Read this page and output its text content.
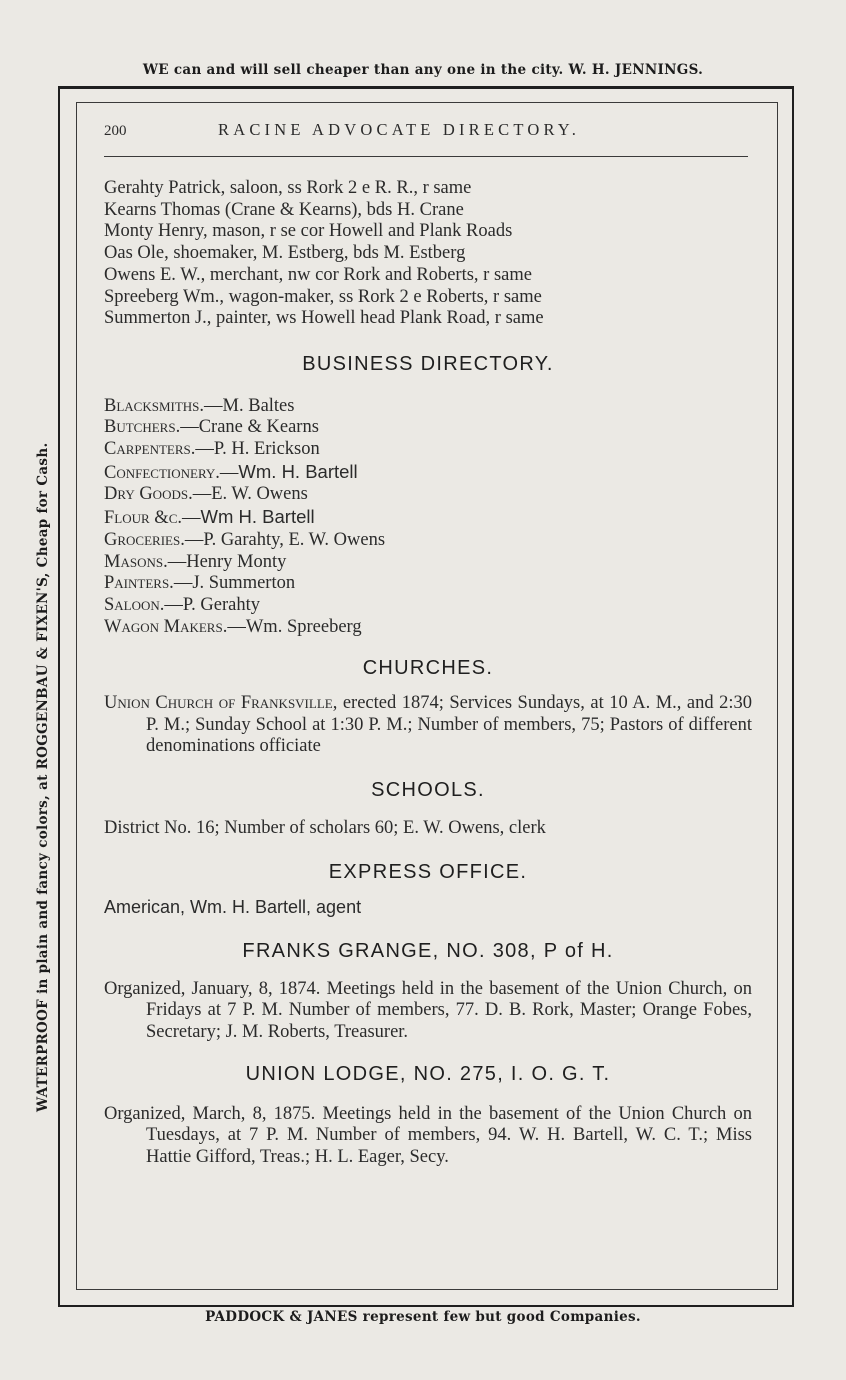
WE can and will sell cheaper than any one in the city. W. H. JENNINGS.
WATERPROOF in plain and fancy colors, at ROGGENBAU & FIXEN'S, Cheap for Cash.
200	RACINE ADVOCATE DIRECTORY.
Gerahty Patrick, saloon, ss Rork 2 e R. R., r same
Kearns Thomas (Crane & Kearns), bds H. Crane
Monty Henry, mason, r se cor Howell and Plank Roads
Oas Ole, shoemaker, M. Estberg, bds M. Estberg
Owens E. W., merchant, nw cor Rork and Roberts, r same
Spreeberg Wm., wagon-maker, ss Rork 2 e Roberts, r same
Summerton J., painter, ws Howell head Plank Road, r same
BUSINESS DIRECTORY.
Blacksmiths.—M. Baltes
Butchers.—Crane & Kearns
Carpenters.—P. H. Erickson
Confectionery.—Wm. H. Bartell
Dry Goods.—E. W. Owens
Flour &c.—Wm H. Bartell
Groceries.—P. Garahty, E. W. Owens
Masons.—Henry Monty
Painters.—J. Summerton
Saloon.—P. Gerahty
Wagon Makers.—Wm. Spreeberg
CHURCHES.
Union Church of Franksville, erected 1874; Services Sundays, at 10 A. M., and 2:30 P. M.; Sunday School at 1:30 P. M.; Number of members, 75; Pastors of different denominations officiate
SCHOOLS.
District No. 16; Number of scholars 60; E. W. Owens, clerk
EXPRESS OFFICE.
American, Wm. H. Bartell, agent
FRANKS GRANGE, NO. 308, P of H.
Organized, January, 8, 1874. Meetings held in the basement of the Union Church, on Fridays at 7 P. M. Number of members, 77. D. B. Rork, Master; Orange Fobes, Secretary; J. M. Roberts, Treasurer.
UNION LODGE, NO. 275, I. O. G. T.
Organized, March, 8, 1875. Meetings held in the basement of the Union Church on Tuesdays, at 7 P. M. Number of members, 94. W. H. Bartell, W. C. T.; Miss Hattie Gifford, Treas.; H. L. Eager, Secy.
PADDOCK & JANES represent few but good Companies.
